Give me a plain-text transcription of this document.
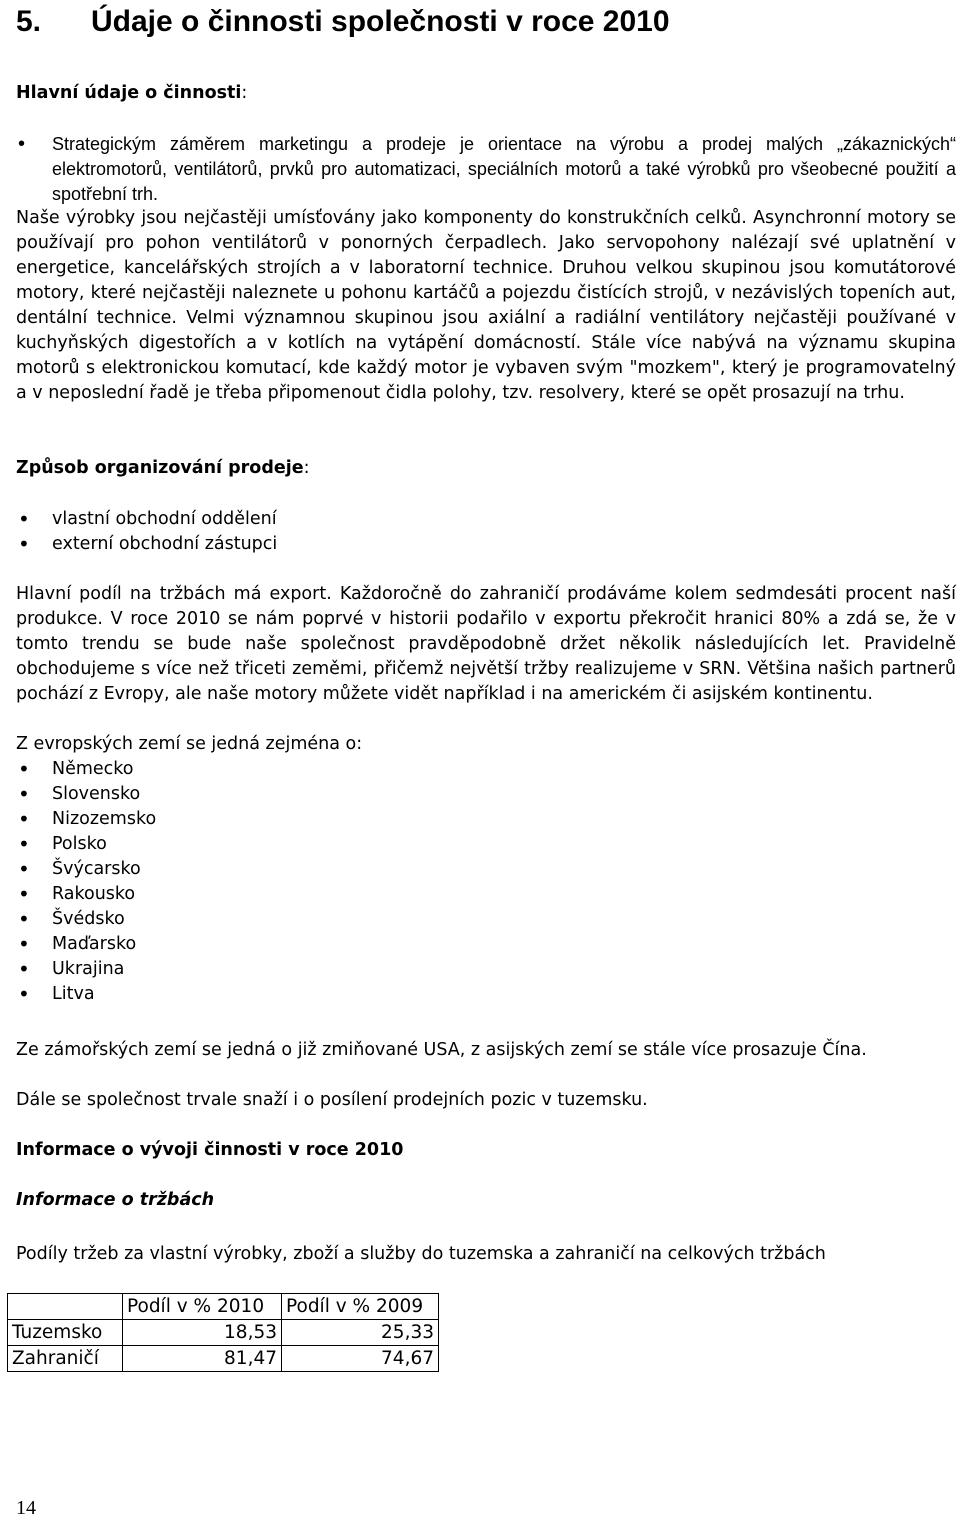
5. Údaje o činnosti společnosti v roce 2010
Hlavní údaje o činnosti:
• Strategickým záměrem marketingu a prodeje je orientace na výrobu a prodej malých „zákaznických“ elektromotorů, ventilátorů, prvků pro automatizaci, speciálních motorů a také výrobků pro všeobecné použití a spotřební trh.
Naše výrobky jsou nejčastěji umísťovány jako komponenty do konstrukčních celků. Asynchronní motory se používají pro pohon ventilátorů v ponorných čerpadlech. Jako servopohony nalézají své uplatnění v energetice, kancelářských strojích a v laboratorní technice. Druhou velkou skupinou jsou komutátorové motory, které nejčastěji naleznete u pohonu kartáčů a pojezdu čistících strojů, v nezávislých topeních aut, dentální technice. Velmi významnou skupinou jsou axiální a radiální ventilátory nejčastěji používané v kuchyňských digestořích a v kotlích na vytápění domácností. Stále více nabývá na významu skupina motorů s elektronickou komutací, kde každý motor je vybaven svým "mozkem", který je programovatelný a v neposlední řadě je třeba připomenout čidla polohy, tzv. resolvery, které se opět prosazují na trhu.
Způsob organizování prodeje:
• vlastní obchodní oddělení
• externí obchodní zástupci
Hlavní podíl na tržbách má export. Každoročně do zahraničí prodáváme kolem sedmdesáti procent naší produkce. V roce 2010 se nám poprvé v historii podařilo v exportu překročit hranici 80% a zdá se, že v tomto trendu se bude naše společnost pravděpodobně držet několik následujících let. Pravidelně obchodujeme s více než třiceti zeměmi, přičemž největší tržby realizujeme v SRN. Většina našich partnerů pochází z Evropy, ale naše motory můžete vidět například i na americkém či asijském kontinentu.
Z evropských zemí se jedná zejména o:
• Německo
• Slovensko
• Nizozemsko
• Polsko
• Švýcarsko
• Rakousko
• Švédsko
• Maďarsko
• Ukrajina
• Litva
Ze zámořských zemí se jedná o již zmiňované USA, z asijských zemí se stále více prosazuje Čína.
Dále se společnost trvale snaží i o posílení prodejních pozic v tuzemsku.
Informace o vývoji činnosti v roce 2010
Informace o tržbách
Podíly tržeb za vlastní výrobky, zboží a služby do tuzemska a zahraničí na celkových tržbách
	Podíl v % 2010	Podíl v % 2009
Tuzemsko	18,53	25,33
Zahraničí	81,47	74,67
14
